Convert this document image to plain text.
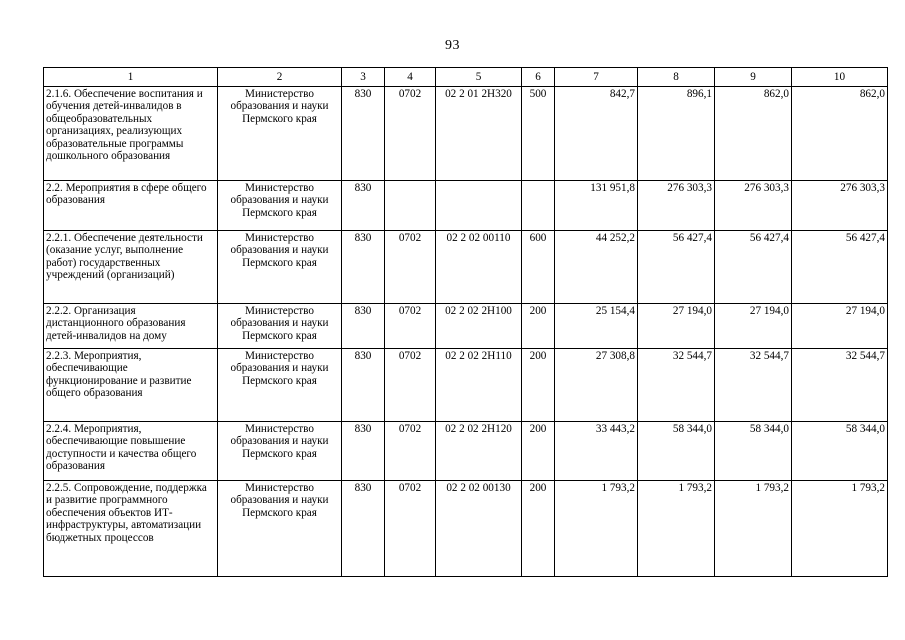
93
1	2	3	4	5	6	7	8	9	10
2.1.6. Обеспечение воспитания и обучения детей-инвалидов в общеобразовательных организациях, реализующих образовательные программы дошкольного образования	Министерство образования и науки Пермского края	830	0702	02 2 01 2Н320	500	842,7	896,1	862,0	862,0
2.2. Мероприятия в сфере общего образования	Министерство образования и науки Пермского края	830				131 951,8	276 303,3	276 303,3	276 303,3
2.2.1. Обеспечение деятельности (оказание услуг, выполнение работ) государственных учреждений (организаций)	Министерство образования и науки Пермского края	830	0702	02 2 02 00110	600	44 252,2	56 427,4	56 427,4	56 427,4
2.2.2. Организация дистанционного образования детей-инвалидов на дому	Министерство образования и науки Пермского края	830	0702	02 2 02 2Н100	200	25 154,4	27 194,0	27 194,0	27 194,0
2.2.3. Мероприятия, обеспечивающие функционирование и развитие общего образования	Министерство образования и науки Пермского края	830	0702	02 2 02 2Н110	200	27 308,8	32 544,7	32 544,7	32 544,7
2.2.4. Мероприятия, обеспечивающие повышение доступности и качества общего образования	Министерство образования и науки Пермского края	830	0702	02 2 02 2Н120	200	33 443,2	58 344,0	58 344,0	58 344,0
2.2.5. Сопровождение, поддержка и развитие программного обеспечения объектов ИТ-инфраструктуры, автоматизации бюджетных процессов	Министерство образования и науки Пермского края	830	0702	02 2 02 00130	200	1 793,2	1 793,2	1 793,2	1 793,2
